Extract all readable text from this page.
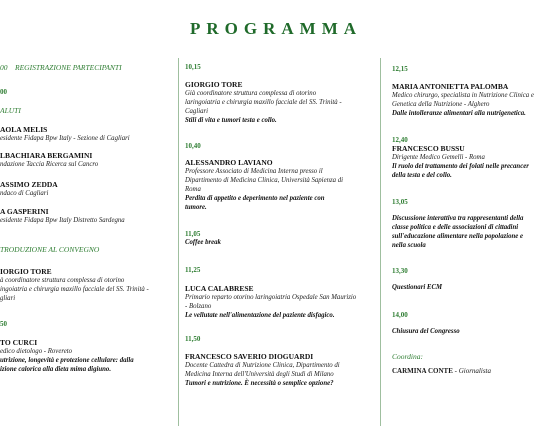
PROGRAMMA
00 REGISTRAZIONE PARTECIPANTI
00
ALUTI
AOLA MELIS
esidente Fidapa Bpw Italy - Sezione di Cagliari
LBACHIARA BERGAMINI
ndazione Taccia Ricerca sul Cancro
ASSIMO ZEDDA
ndaco di Cagliari
A GASPERINI
esidente Fidapa Bpw Italy Distretto Sardegna
TRODUZIONE AL CONVEGNO
IORGIO TORE
à coordinatore struttura complessa di otorino
ingoiatria e chirurgia maxillo facciale del SS. Trinità -
gliari
50
TO CURCI
edico dietologo - Rovereto
utrizione, longevità e protezione cellulare: dalla
izione calorica alla dieta mima digiuno.
10,15
GIORGIO TORE
Già coordinatore struttura complessa di otorino
laringoiatria e chirurgia maxillo facciale del SS. Trinità -
Cagliari
Stili di vita e tumori testa e collo.
10,40
ALESSANDRO LAVIANO
Professore Associato di Medicina Interna presso il
Dipartimento di Medicina Clinica, Università Sapienza di
Roma
Perdita di appetito e deperimento nel paziente con
tumore.
11,05
Coffee break
11,25
LUCA CALABRESE
Primario reparto otorino laringoiatria Ospedale San Maurizio
- Bolzano
Le vellutate nell'alimentazione del paziente disfagico.
11,50
FRANCESCO SAVERIO DIOGUARDI
Docente Cattedra di Nutrizione Clinica, Dipartimento di
Medicina Interna dell'Università degli Studi di Milano
Tumori e nutrizione. È necessità o semplice opzione?
12,15
MARIA ANTONIETTA PALOMBA
Medico chirurgo, specialista in Nutrizione Clinica e
Genetica della Nutrizione - Alghero
Dalle intolleranze alimentari alla nutrigenetica.
12,40
FRANCESCO BUSSU
Dirigente Medico Gemelli - Roma
Il ruolo del trattamento dei folati nelle precancer
della testa e del collo.
13,05
Discussione interattiva tra rappresentanti della
classe politica e delle associazioni di cittadini
sull'educazione alimentare nella popolazione e
nella scuola
13,30
Questionari ECM
14,00
Chiusura del Congresso
Coordina:
CARMINA CONTE - Giornalista
